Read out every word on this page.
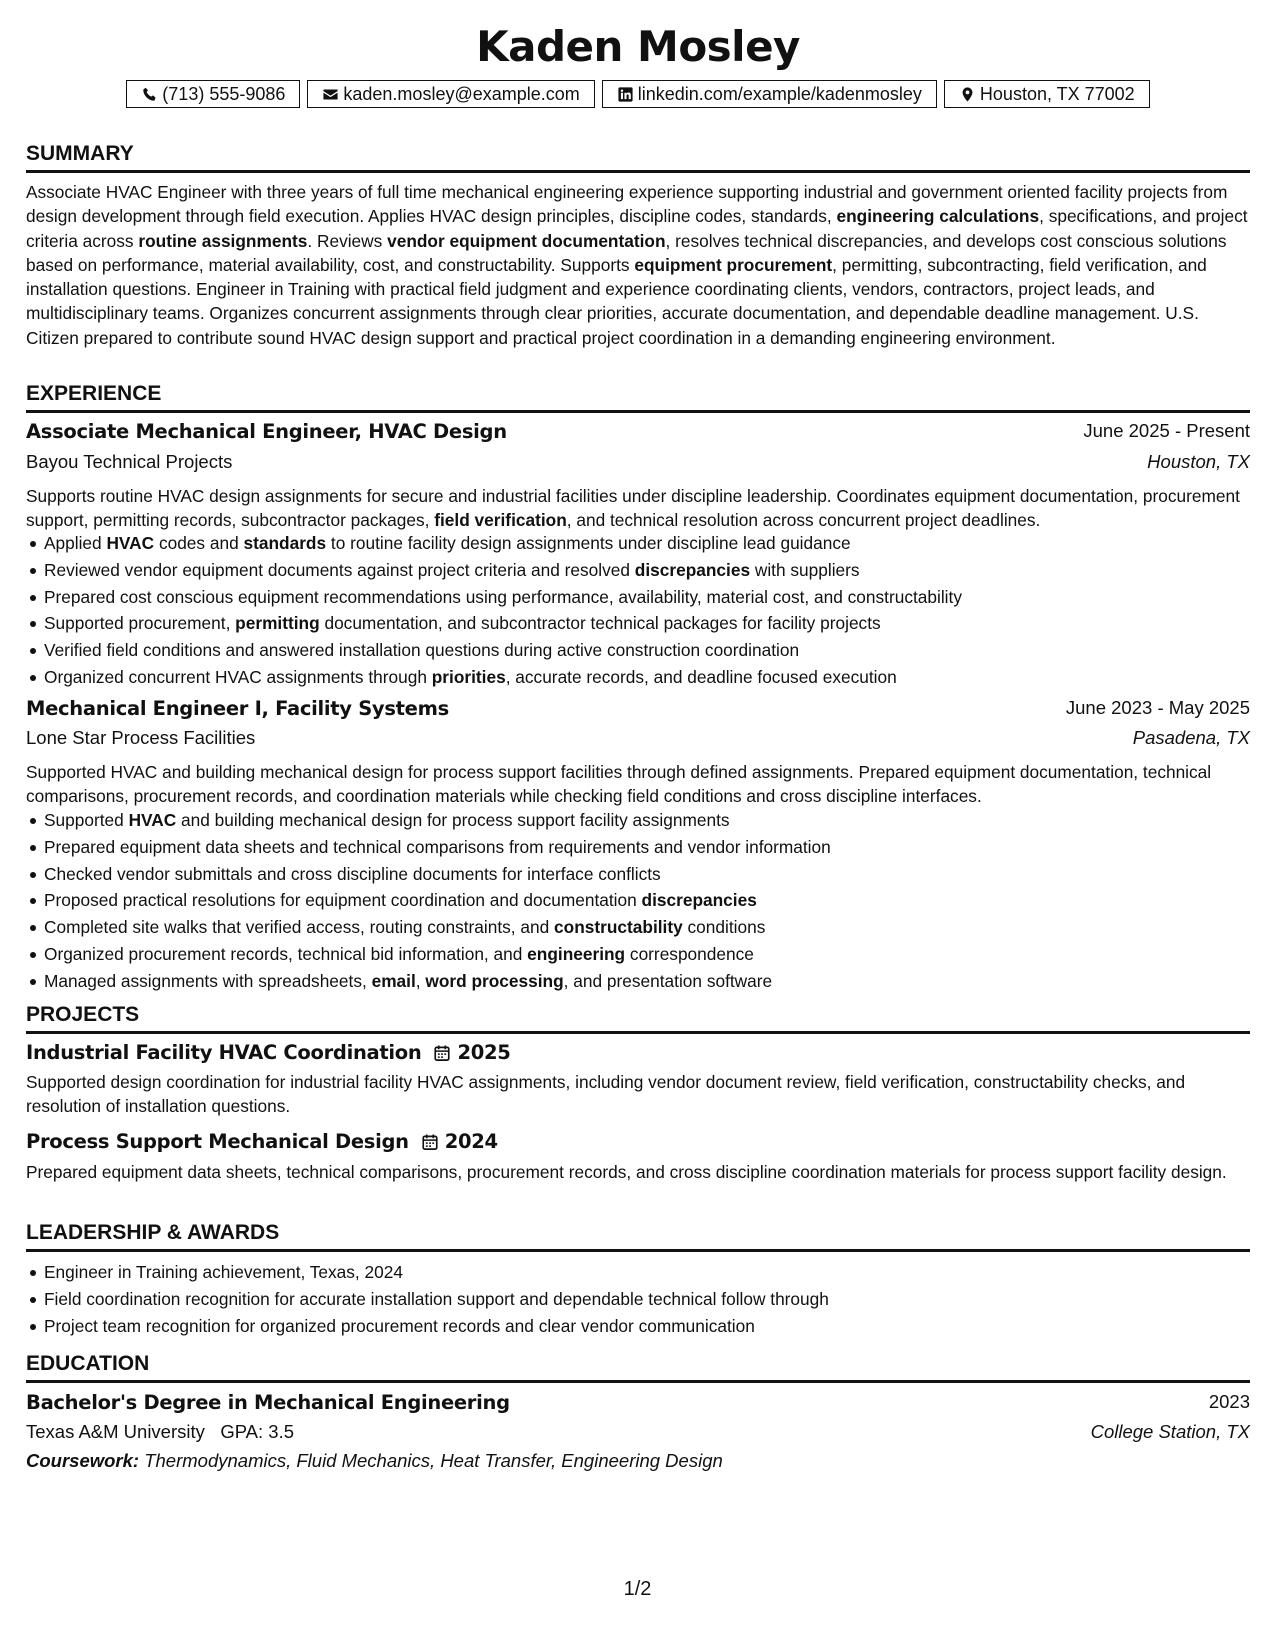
Kaden Mosley
(713) 555-9086	kaden.mosley@example.com	linkedin.com/example/kadenmosley	Houston, TX 77002
SUMMARY

Associate HVAC Engineer with three years of full time mechanical engineering experience supporting industrial and government oriented facility projects from design development through field execution. Applies HVAC design principles, discipline codes, standards, engineering calculations, specifications, and project criteria across routine assignments. Reviews vendor equipment documentation, resolves technical discrepancies, and develops cost conscious solutions based on performance, material availability, cost, and constructability. Supports equipment procurement, permitting, subcontracting, field verification, and installation questions. Engineer in Training with practical field judgment and experience coordinating clients, vendors, contractors, project leads, and multidisciplinary teams. Organizes concurrent assignments through clear priorities, accurate documentation, and dependable deadline management. U.S. Citizen prepared to contribute sound HVAC design support and practical project coordination in a demanding engineering environment.

EXPERIENCE
Associate Mechanical Engineer, HVAC Design	June 2025 - Present
Bayou Technical Projects	Houston, TX

Supports routine HVAC design assignments for secure and industrial facilities under discipline leadership. Coordinates equipment documentation, procurement support, permitting records, subcontractor packages, field verification, and technical resolution across concurrent project deadlines.

Applied HVAC codes and standards to routine facility design assignments under discipline lead guidance
Reviewed vendor equipment documents against project criteria and resolved discrepancies with suppliers
Prepared cost conscious equipment recommendations using performance, availability, material cost, and constructability
Supported procurement, permitting documentation, and subcontractor technical packages for facility projects
Verified field conditions and answered installation questions during active construction coordination
Organized concurrent HVAC assignments through priorities, accurate records, and deadline focused execution
Mechanical Engineer I, Facility Systems	June 2023 - May 2025
Lone Star Process Facilities	Pasadena, TX

Supported HVAC and building mechanical design for process support facilities through defined assignments. Prepared equipment documentation, technical comparisons, procurement records, and coordination materials while checking field conditions and cross discipline interfaces.

Supported HVAC and building mechanical design for process support facility assignments
Prepared equipment data sheets and technical comparisons from requirements and vendor information
Checked vendor submittals and cross discipline documents for interface conflicts
Proposed practical resolutions for equipment coordination and documentation discrepancies
Completed site walks that verified access, routing constraints, and constructability conditions
Organized procurement records, technical bid information, and engineering correspondence
Managed assignments with spreadsheets, email, word processing, and presentation software
PROJECTS
Industrial Facility HVAC Coordination 2025

Supported design coordination for industrial facility HVAC assignments, including vendor document review, field verification, constructability checks, and resolution of installation questions.

Process Support Mechanical Design 2024

Prepared equipment data sheets, technical comparisons, procurement records, and cross discipline coordination materials for process support facility design.

LEADERSHIP & AWARDS
Engineer in Training achievement, Texas, 2024
Field coordination recognition for accurate installation support and dependable technical follow through
Project team recognition for organized procurement records and clear vendor communication
EDUCATION
Bachelor's Degree in Mechanical Engineering	2023
Texas A&M University GPA: 3.5	College Station, TX
Coursework: Thermodynamics, Fluid Mechanics, Heat Transfer, Engineering Design
1/2
